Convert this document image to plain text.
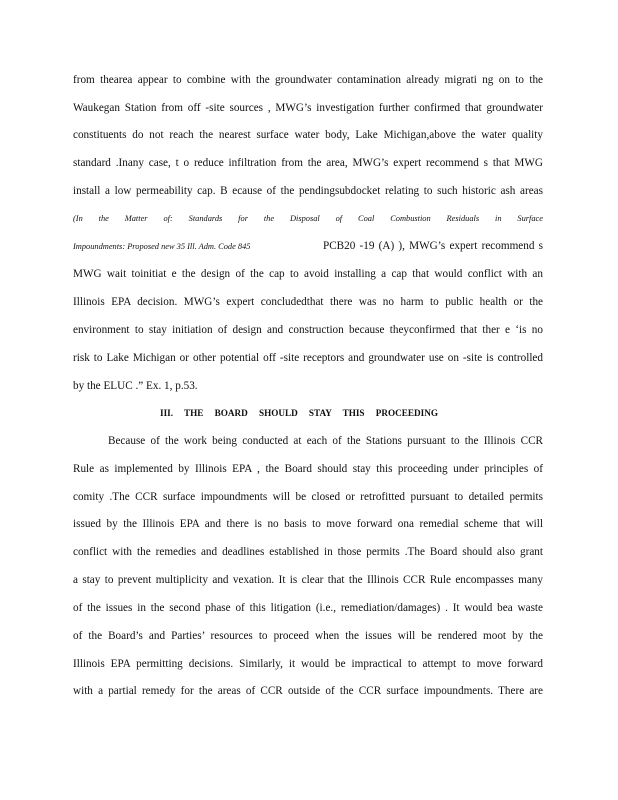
from thearea appear to combine with the groundwater contamination already migrati ng on to the
Waukegan Station from off -site sources , MWG’s investigation further confirmed that groundwater
constituents do not reach the nearest surface water body, Lake Michigan,above the water quality
standard .Inany case, t o reduce infiltration from the area, MWG’s expert recommend s that MWG
install a low permeability cap. B ecause of the pendingsubdocket relating to such historic ash areas
(In the Matter of: Standards for the Disposal of Coal Combustion Residuals in Surface
Impoundments: Proposed new 35 Ill. Adm. Code 845	PCB20 -19 (A) ), MWG’s expert recommend s
MWG wait toinitiat e the design of the cap to avoid installing a cap that would conflict with an
Illinois EPA decision. MWG’s expert concludedthat there was no harm to public health or the
environment to stay initiation of design and construction because theyconfirmed that ther e ‘is no
risk to Lake Michigan or other potential off -site receptors and groundwater use on -site is controlled
by the ELUC .” Ex. 1, p.53.
III. THE BOARD SHOULD STAY THIS PROCEEDING
Because of the work being conducted at each of the Stations pursuant to the Illinois CCR
Rule as implemented by Illinois EPA , the Board should stay this proceeding under principles of
comity .The CCR surface impoundments will be closed or retrofitted pursuant to detailed permits
issued by the Illinois EPA and there is no basis to move forward ona remedial scheme that will
conflict with the remedies and deadlines established in those permits .The Board should also grant
a stay to prevent multiplicity and vexation. It is clear that the Illinois CCR Rule encompasses many
of the issues in the second phase of this litigation (i.e., remediation/damages) . It would bea waste
of the Board’s and Parties’ resources to proceed when the issues will be rendered moot by the
Illinois EPA permitting decisions. Similarly, it would be impractical to attempt to move forward
with a partial remedy for the areas of CCR outside of the CCR surface impoundments. There are
